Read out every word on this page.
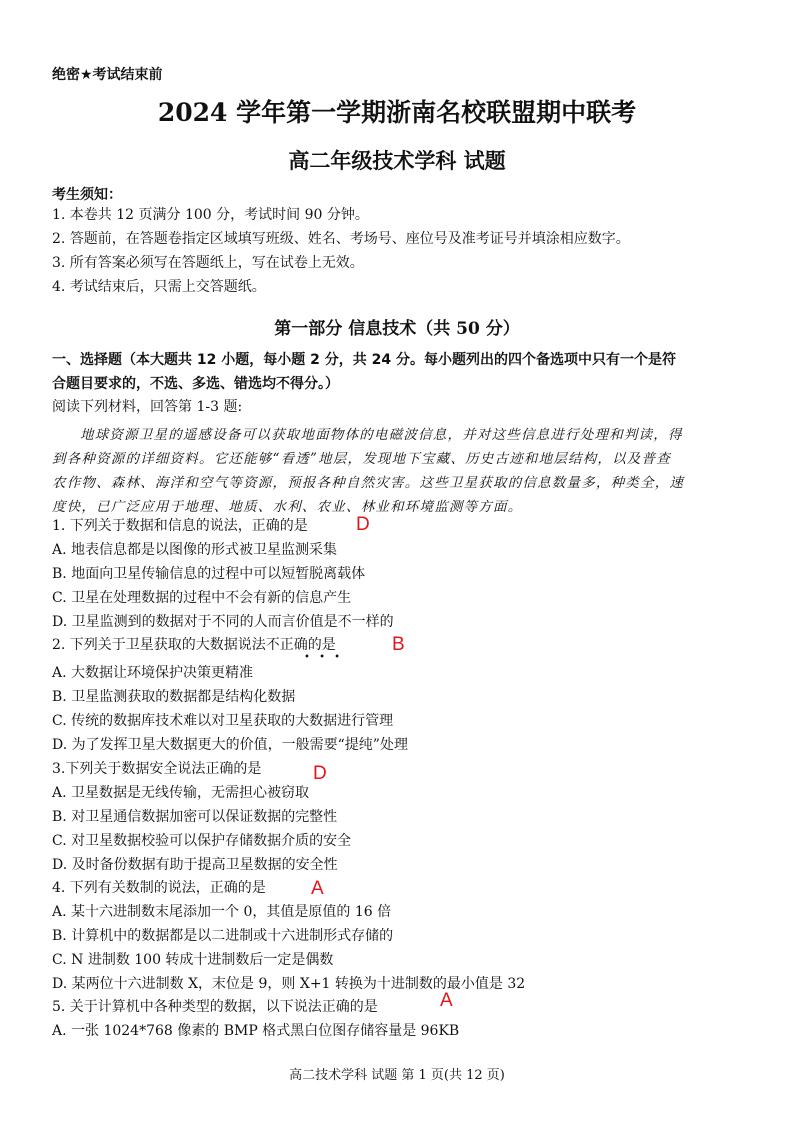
绝密★考试结束前
2024 学年第一学期浙南名校联盟期中联考
高二年级技术学科 试题
考生须知：
1. 本卷共 12 页满分 100 分，考试时间 90 分钟。
2. 答题前，在答题卷指定区域填写班级、姓名、考场号、座位号及准考证号并填涂相应数字。
3. 所有答案必须写在答题纸上，写在试卷上无效。
4. 考试结束后，只需上交答题纸。
第一部分 信息技术（共 50 分）
一、选择题（本大题共 12 小题，每小题 2 分，共 24 分。每小题列出的四个备选项中只有一个是符
合题目要求的，不选、多选、错选均不得分。）
阅读下列材料，回答第 1-3 题:
地球资源卫星的遥感设备可以获取地面物体的电磁波信息，并对这些信息进行处理和判读，得
到各种资源的详细资料。它还能够“看透”地层，发现地下宝藏、历史古迹和地层结构，以及普查
农作物、森林、海洋和空气等资源，预报各种自然灾害。这些卫星获取的信息数量多，种类全，速
度快，已广泛应用于地理、地质、水利、农业、林业和环境监测等方面。
1. 下列关于数据和信息的说法，正确的是	D
A. 地表信息都是以图像的形式被卫星监测采集
B. 地面向卫星传输信息的过程中可以短暂脱离载体
C. 卫星在处理数据的过程中不会有新的信息产生
D. 卫星监测到的数据对于不同的人而言价值是不一样的
2. 下列关于卫星获取的大数据说法不正确的是
• • •
B
A. 大数据让环境保护决策更精准
B. 卫星监测获取的数据都是结构化数据
C. 传统的数据库技术难以对卫星获取的大数据进行管理
D. 为了发挥卫星大数据更大的价值，一般需要“提纯”处理
3.下列关于数据安全说法正确的是	D
A. 卫星数据是无线传输，无需担心被窃取
B. 对卫星通信数据加密可以保证数据的完整性
C. 对卫星数据校验可以保护存储数据介质的安全
D. 及时备份数据有助于提高卫星数据的安全性
4. 下列有关数制的说法，正确的是 A
A. 某十六进制数末尾添加一个 0，其值是原值的 16 倍
B. 计算机中的数据都是以二进制或十六进制形式存储的
C. N 进制数 100 转成十进制数后一定是偶数
D. 某两位十六进制数 X，末位是 9，则 X+1 转换为十进制数的最小值是 32
5. 关于计算机中各种类型的数据，以下说法正确的是	A
A. 一张 1024*768 像素的 BMP 格式黑白位图存储容量是 96KB
高二技术学科 试题 第 1 页(共 12 页)
